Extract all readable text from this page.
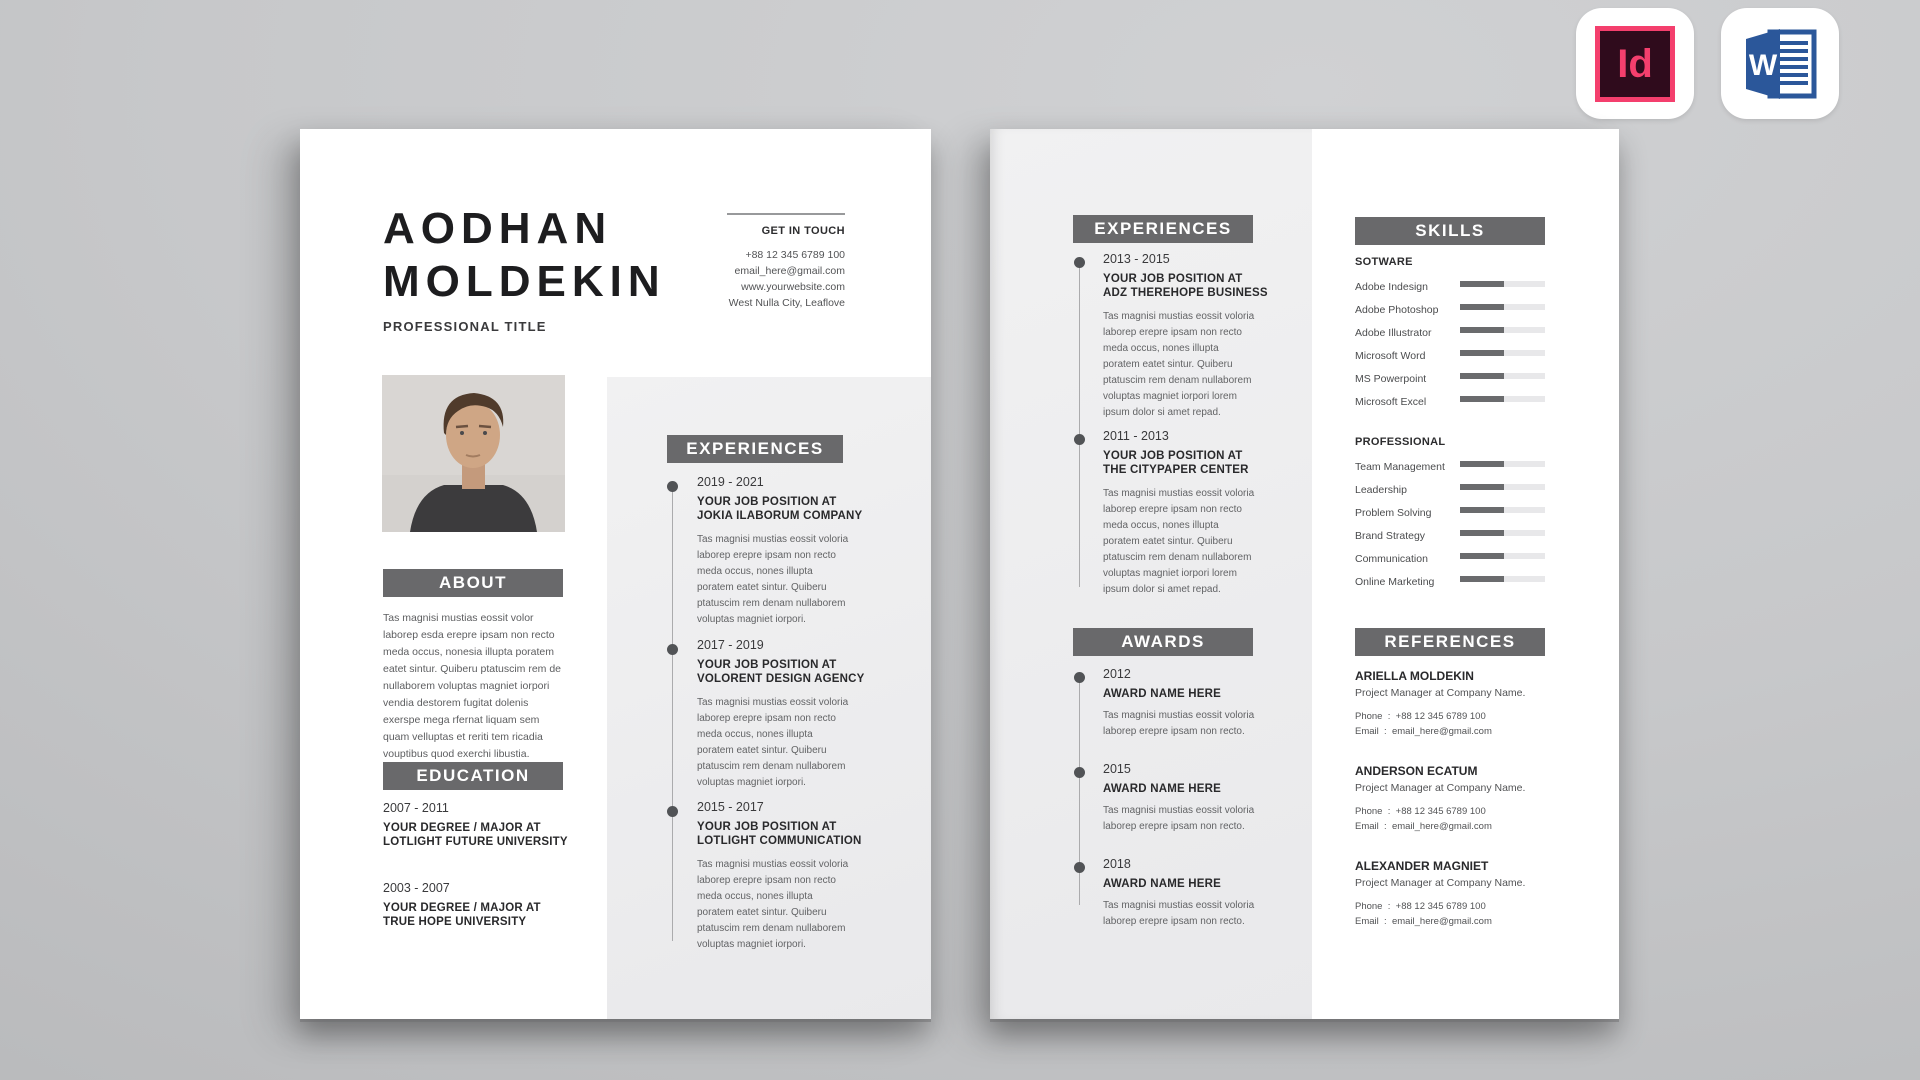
Id	W
AODHAN
MOLDEKIN
PROFESSIONAL TITLE
GET IN TOUCH
+88 12 345 6789 100
email_here@gmail.com
www.yourwebsite.com
West Nulla City, Leaflove
ABOUT
Tas magnisi mustias eossit volor laborep esda erepre ipsam non recto meda occus, nonesia illupta poratem eatet sintur. Quiberu ptatuscim rem de nullaborem voluptas magniet iorpori vendia destorem fugitat dolenis exerspe mega rfernat liquam sem quam velluptas et reriti tem ricadia vouptibus quod exerchi libustia.
EDUCATION
2007 - 2011
YOUR DEGREE / MAJOR AT
LOTLIGHT FUTURE UNIVERSITY
2003 - 2007
YOUR DEGREE / MAJOR AT
TRUE HOPE UNIVERSITY
EXPERIENCES
2019 - 2021
YOUR JOB POSITION AT
JOKIA ILABORUM COMPANY
Tas magnisi mustias eossit voloria laborep erepre ipsam non recto meda occus, nones illupta poratem eatet sintur. Quiberu ptatuscim rem denam nullaborem voluptas magniet iorpori.
2017 - 2019
YOUR JOB POSITION AT
VOLORENT DESIGN AGENCY
Tas magnisi mustias eossit voloria laborep erepre ipsam non recto meda occus, nones illupta poratem eatet sintur. Quiberu ptatuscim rem denam nullaborem voluptas magniet iorpori.
2015 - 2017
YOUR JOB POSITION AT
LOTLIGHT COMMUNICATION
Tas magnisi mustias eossit voloria laborep erepre ipsam non recto meda occus, nones illupta poratem eatet sintur. Quiberu ptatuscim rem denam nullaborem voluptas magniet iorpori.
EXPERIENCES
2013 - 2015
YOUR JOB POSITION AT
ADZ THEREHOPE BUSINESS
Tas magnisi mustias eossit voloria laborep erepre ipsam non recto meda occus, nones illupta poratem eatet sintur. Quiberu ptatuscim rem denam nullaborem voluptas magniet iorpori lorem ipsum dolor si amet repad.
2011 - 2013
YOUR JOB POSITION AT
THE CITYPAPER CENTER
Tas magnisi mustias eossit voloria laborep erepre ipsam non recto meda occus, nones illupta poratem eatet sintur. Quiberu ptatuscim rem denam nullaborem voluptas magniet iorpori lorem ipsum dolor si amet repad.
AWARDS
2012
AWARD NAME HERE
Tas magnisi mustias eossit voloria laborep erepre ipsam non recto.
2015
AWARD NAME HERE
Tas magnisi mustias eossit voloria laborep erepre ipsam non recto.
2018
AWARD NAME HERE
Tas magnisi mustias eossit voloria laborep erepre ipsam non recto.
SKILLS
SOTWARE
Adobe Indesign
Adobe Photoshop
Adobe Illustrator
Microsoft Word
MS Powerpoint
Microsoft Excel
PROFESSIONAL
Team Management
Leadership
Problem Solving
Brand Strategy
Communication
Online Marketing
REFERENCES
ARIELLA MOLDEKIN
Project Manager at Company Name.
Phone  :  +88 12 345 6789 100
Email  :  email_here@gmail.com
ANDERSON ECATUM
Project Manager at Company Name.
Phone  :  +88 12 345 6789 100
Email  :  email_here@gmail.com
ALEXANDER MAGNIET
Project Manager at Company Name.
Phone  :  +88 12 345 6789 100
Email  :  email_here@gmail.com
